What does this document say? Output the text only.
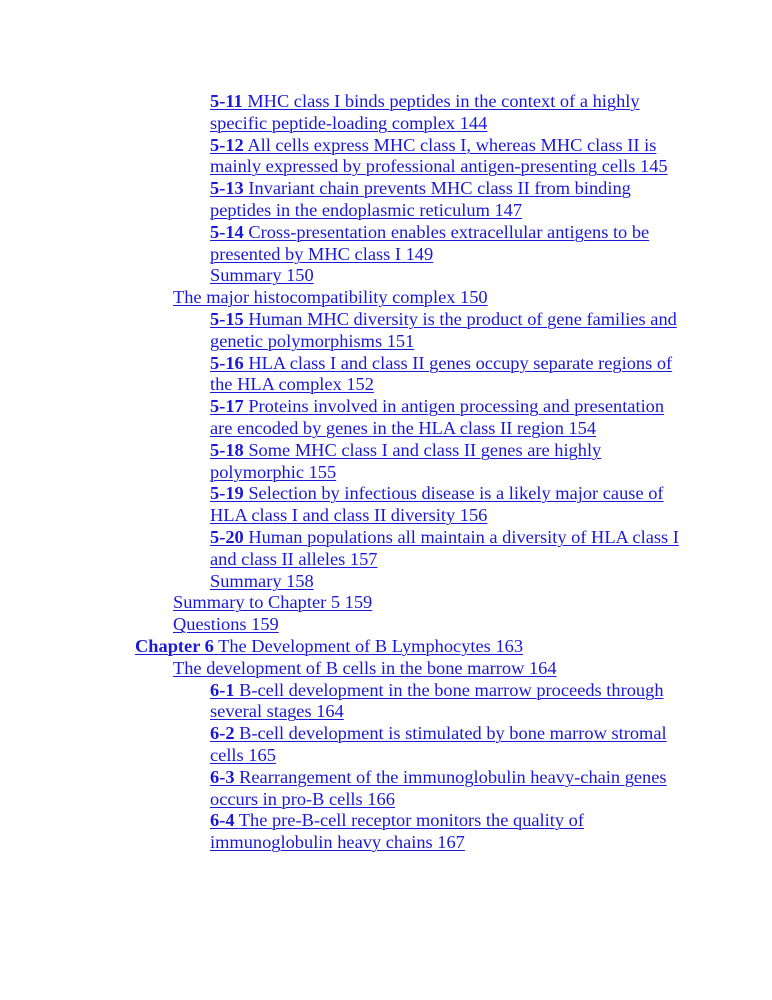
5-11 MHC class I binds peptides in the context of a highly specific peptide-loading complex 144
5-12 All cells express MHC class I, whereas MHC class II is mainly expressed by professional antigen-presenting cells 145
5-13 Invariant chain prevents MHC class II from binding peptides in the endoplasmic reticulum 147
5-14 Cross-presentation enables extracellular antigens to be presented by MHC class I 149
Summary 150
The major histocompatibility complex 150
5-15 Human MHC diversity is the product of gene families and genetic polymorphisms 151
5-16 HLA class I and class II genes occupy separate regions of the HLA complex 152
5-17 Proteins involved in antigen processing and presentation are encoded by genes in the HLA class II region 154
5-18 Some MHC class I and class II genes are highly polymorphic 155
5-19 Selection by infectious disease is a likely major cause of HLA class I and class II diversity 156
5-20 Human populations all maintain a diversity of HLA class I and class II alleles 157
Summary 158
Summary to Chapter 5 159
Questions 159
Chapter 6 The Development of B Lymphocytes 163
The development of B cells in the bone marrow 164
6-1 B-cell development in the bone marrow proceeds through several stages 164
6-2 B-cell development is stimulated by bone marrow stromal cells 165
6-3 Rearrangement of the immunoglobulin heavy-chain genes occurs in pro-B cells 166
6-4 The pre-B-cell receptor monitors the quality of immunoglobulin heavy chains 167
